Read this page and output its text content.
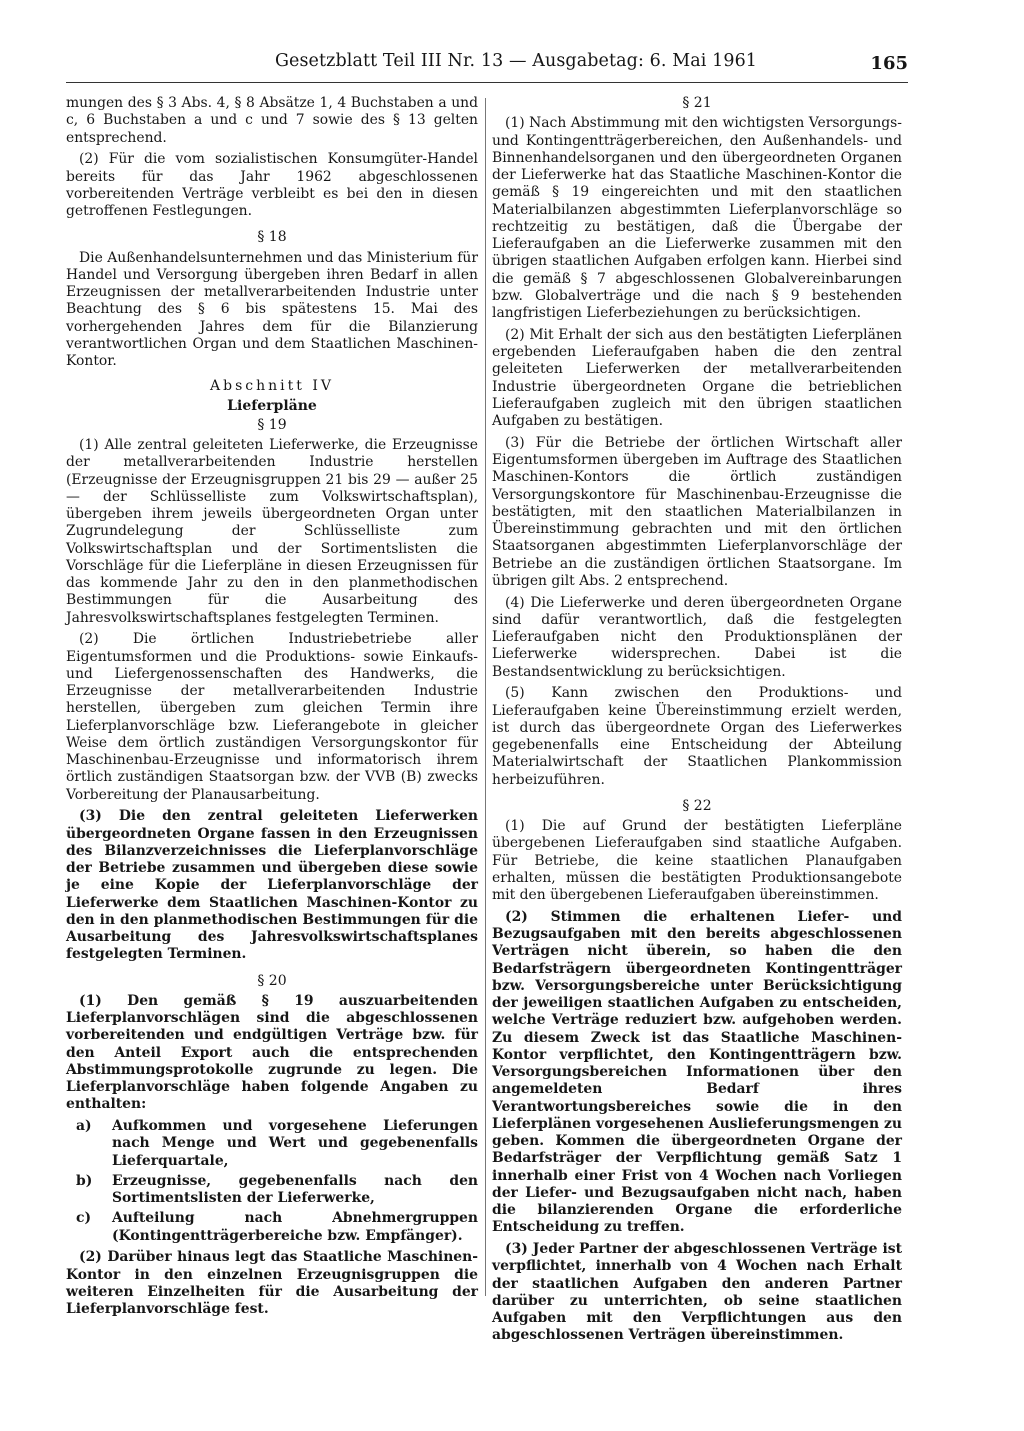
Gesetzblatt Teil III Nr. 13 — Ausgabetag: 6. Mai 1961	165

mungen des § 3 Abs. 4, § 8 Absätze 1, 4 Buchstaben a und c, 6 Buchstaben a und c und 7 sowie des § 13 gelten entsprechend.

(2) Für die vom sozialistischen Konsumgüter-Handel bereits für das Jahr 1962 abgeschlossenen vorbereitenden Verträge verbleibt es bei den in diesen getroffenen Festlegungen.

§ 18

Die Außenhandelsunternehmen und das Ministerium für Handel und Versorgung übergeben ihren Bedarf in allen Erzeugnissen der metallverarbeitenden Industrie unter Beachtung des § 6 bis spätestens 15. Mai des vorhergehenden Jahres dem für die Bilanzierung verantwortlichen Organ und dem Staatlichen Maschinen-Kontor.

Abschnitt IV
Lieferpläne
§ 19

(1) Alle zentral geleiteten Lieferwerke, die Erzeugnisse der metallverarbeitenden Industrie herstellen (Erzeugnisse der Erzeugnisgruppen 21 bis 29 — außer 25 — der Schlüsselliste zum Volkswirtschaftsplan), übergeben ihrem jeweils übergeordneten Organ unter Zugrundelegung der Schlüsselliste zum Volkswirtschaftsplan und der Sortimentslisten die Vorschläge für die Lieferpläne in diesen Erzeugnissen für das kommende Jahr zu den in den planmethodischen Bestimmungen für die Ausarbeitung des Jahresvolkswirtschaftsplanes festgelegten Terminen.

(2) Die örtlichen Industriebetriebe aller Eigentumsformen und die Produktions- sowie Einkaufs- und Liefergenossenschaften des Handwerks, die Erzeugnisse der metallverarbeitenden Industrie herstellen, übergeben zum gleichen Termin ihre Lieferplanvorschläge bzw. Lieferangebote in gleicher Weise dem örtlich zuständigen Versorgungskontor für Maschinenbau-Erzeugnisse und informatorisch ihrem örtlich zuständigen Staatsorgan bzw. der VVB (B) zwecks Vorbereitung der Planausarbeitung.

(3) Die den zentral geleiteten Lieferwerken übergeordneten Organe fassen in den Erzeugnissen des Bilanzverzeichnisses die Lieferplanvorschläge der Betriebe zusammen und übergeben diese sowie je eine Kopie der Lieferplanvorschläge der Lieferwerke dem Staatlichen Maschinen-Kontor zu den in den planmethodischen Bestimmungen für die Ausarbeitung des Jahresvolkswirtschaftsplanes festgelegten Terminen.

§ 20

(1) Den gemäß § 19 auszuarbeitenden Lieferplanvorschlägen sind die abgeschlossenen vorbereitenden und endgültigen Verträge bzw. für den Anteil Export auch die entsprechenden Abstimmungsprotokolle zugrunde zu legen. Die Lieferplanvorschläge haben folgende Angaben zu enthalten:

a) Aufkommen und vorgesehene Lieferungen nach Menge und Wert und gegebenenfalls Lieferquartale,
b) Erzeugnisse, gegebenenfalls nach den Sortimentslisten der Lieferwerke,
c) Aufteilung nach Abnehmergruppen (Kontingentträgerbereiche bzw. Empfänger).

(2) Darüber hinaus legt das Staatliche Maschinen-Kontor in den einzelnen Erzeugnisgruppen die weiteren Einzelheiten für die Ausarbeitung der Lieferplanvorschläge fest.

§ 21

(1) Nach Abstimmung mit den wichtigsten Versorgungs- und Kontingentträgerbereichen, den Außenhandels- und Binnenhandelsorganen und den übergeordneten Organen der Lieferwerke hat das Staatliche Maschinen-Kontor die gemäß § 19 eingereichten und mit den staatlichen Materialbilanzen abgestimmten Lieferplanvorschläge so rechtzeitig zu bestätigen, daß die Übergabe der Lieferaufgaben an die Lieferwerke zusammen mit den übrigen staatlichen Aufgaben erfolgen kann. Hierbei sind die gemäß § 7 abgeschlossenen Globalvereinbarungen bzw. Globalverträge und die nach § 9 bestehenden langfristigen Lieferbeziehungen zu berücksichtigen.

(2) Mit Erhalt der sich aus den bestätigten Lieferplänen ergebenden Lieferaufgaben haben die den zentral geleiteten Lieferwerken der metallverarbeitenden Industrie übergeordneten Organe die betrieblichen Lieferaufgaben zugleich mit den übrigen staatlichen Aufgaben zu bestätigen.

(3) Für die Betriebe der örtlichen Wirtschaft aller Eigentumsformen übergeben im Auftrage des Staatlichen Maschinen-Kontors die örtlich zuständigen Versorgungskontore für Maschinenbau-Erzeugnisse die bestätigten, mit den staatlichen Materialbilanzen in Übereinstimmung gebrachten und mit den örtlichen Staatsorganen abgestimmten Lieferplanvorschläge der Betriebe an die zuständigen örtlichen Staatsorgane. Im übrigen gilt Abs. 2 entsprechend.

(4) Die Lieferwerke und deren übergeordneten Organe sind dafür verantwortlich, daß die festgelegten Lieferaufgaben nicht den Produktionsplänen der Lieferwerke widersprechen. Dabei ist die Bestandsentwicklung zu berücksichtigen.

(5) Kann zwischen den Produktions- und Lieferaufgaben keine Übereinstimmung erzielt werden, ist durch das übergeordnete Organ des Lieferwerkes gegebenenfalls eine Entscheidung der Abteilung Materialwirtschaft der Staatlichen Plankommission herbeizuführen.

§ 22

(1) Die auf Grund der bestätigten Lieferpläne übergebenen Lieferaufgaben sind staatliche Aufgaben. Für Betriebe, die keine staatlichen Planaufgaben erhalten, müssen die bestätigten Produktionsangebote mit den übergebenen Lieferaufgaben übereinstimmen.

(2) Stimmen die erhaltenen Liefer- und Bezugsaufgaben mit den bereits abgeschlossenen Verträgen nicht überein, so haben die den Bedarfsträgern übergeordneten Kontingentträger bzw. Versorgungsbereiche unter Berücksichtigung der jeweiligen staatlichen Aufgaben zu entscheiden, welche Verträge reduziert bzw. aufgehoben werden. Zu diesem Zweck ist das Staatliche Maschinen-Kontor verpflichtet, den Kontingentträgern bzw. Versorgungsbereichen Informationen über den angemeldeten Bedarf ihres Verantwortungsbereiches sowie die in den Lieferplänen vorgesehenen Auslieferungsmengen zu geben. Kommen die übergeordneten Organe der Bedarfsträger der Verpflichtung gemäß Satz 1 innerhalb einer Frist von 4 Wochen nach Vorliegen der Liefer- und Bezugsaufgaben nicht nach, haben die bilanzierenden Organe die erforderliche Entscheidung zu treffen.

(3) Jeder Partner der abgeschlossenen Verträge ist verpflichtet, innerhalb von 4 Wochen nach Erhalt der staatlichen Aufgaben den anderen Partner darüber zu unterrichten, ob seine staatlichen Aufgaben mit den Verpflichtungen aus den abgeschlossenen Verträgen übereinstimmen.
